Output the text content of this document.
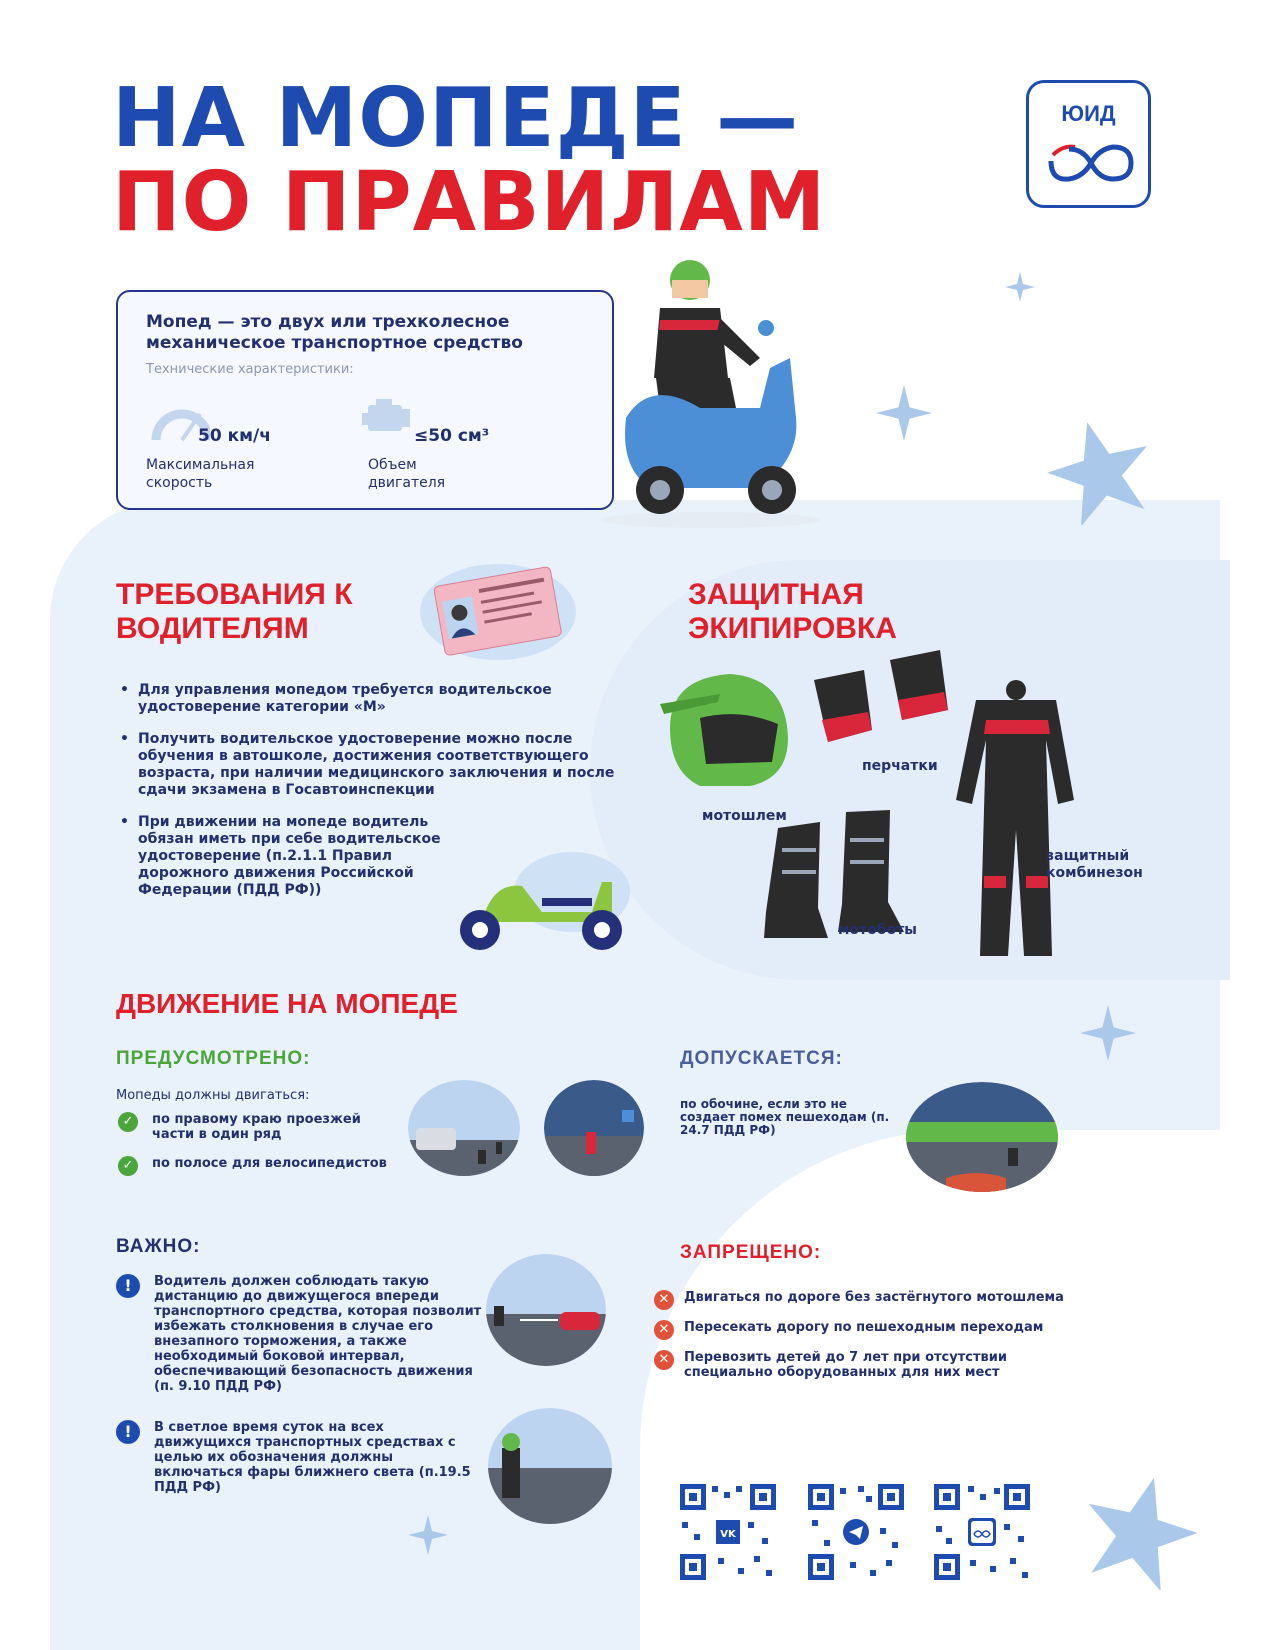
НА МОПЕДЕ —
ПО ПРАВИЛАМ
ЮИД
Мопед — это двух или трехколесное механическое транспортное средство
Технические характеристики:
50 км/ч
Максимальная скорость
≤50 см³
Объем двигателя
ТРЕБОВАНИЯ К ВОДИТЕЛЯМ
• Для управления мопедом требуется водительское удостоверение категории «М»
• Получить водительское удостоверение можно после обучения в автошколе, достижения соответствующего возраста, при наличии медицинского заключения и после сдачи экзамена в Госавтоинспекции
• При движении на мопеде водитель обязан иметь при себе водительское удостоверение (п.2.1.1 Правил дорожного движения Российской Федерации (ПДД РФ))
ЗАЩИТНАЯ ЭКИПИРОВКА
мотошлем
перчатки
мотоботы
защитный комбинезон
ДВИЖЕНИЕ НА МОПЕДЕ
ПРЕДУСМОТРЕНО:
Мопеды должны двигаться:
✓	по правому краю проезжей части в один ряд
✓	по полосе для велосипедистов
ДОПУСКАЕТСЯ:
по обочине, если это не создает помех пешеходам (п. 24.7 ПДД РФ)
ВАЖНО:
!	Водитель должен соблюдать такую дистанцию до движущегося впереди транспортного средства, которая позволит избежать столкновения в случае его внезапного торможения, а также необходимый боковой интервал, обеспечивающий безопасность движения (п. 9.10 ПДД РФ)
!	В светлое время суток на всех движущихся транспортных средствах с целью их обозначения должны включаться фары ближнего света (п.19.5 ПДД РФ)
ЗАПРЕЩЕНО:
✕	Двигаться по дороге без застёгнутого мотошлема
✕	Пересекать дорогу по пешеходным переходам
✕	Перевозить детей до 7 лет при отсутствии специально оборудованных для них мест
VK
